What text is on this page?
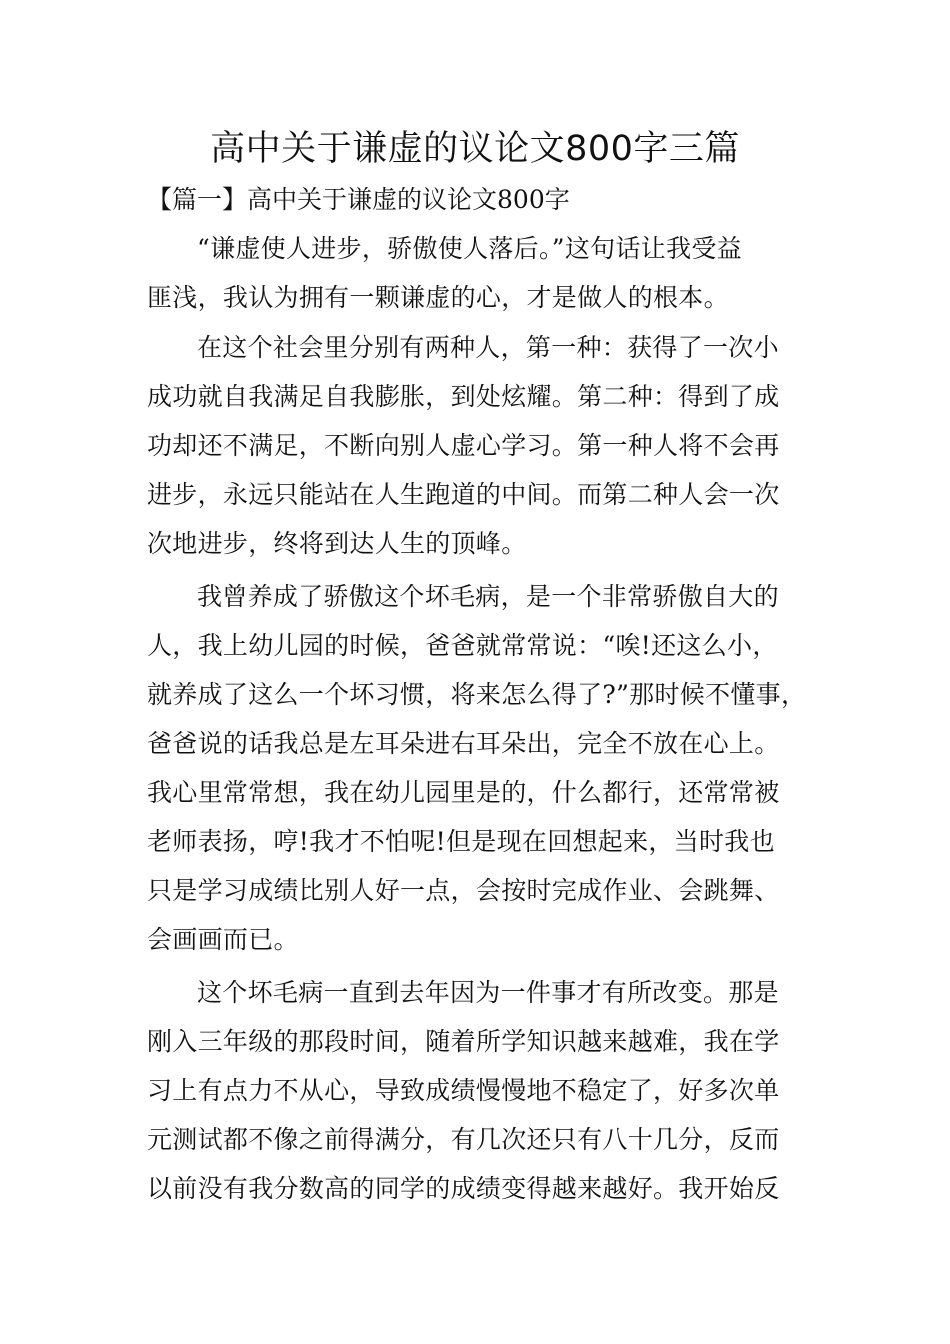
高中关于谦虚的议论文800字三篇
【篇一】高中关于谦虚的议论文800字
“谦虚使人进步，骄傲使人落后。”这句话让我受益
匪浅，我认为拥有一颗谦虚的心，才是做人的根本。
在这个社会里分别有两种人，第一种：获得了一次小
成功就自我满足自我膨胀，到处炫耀。第二种：得到了成
功却还不满足，不断向别人虚心学习。第一种人将不会再
进步，永远只能站在人生跑道的中间。而第二种人会一次
次地进步，终将到达人生的顶峰。
我曾养成了骄傲这个坏毛病，是一个非常骄傲自大的
人，我上幼儿园的时候，爸爸就常常说：“唉!还这么小，
就养成了这么一个坏习惯，将来怎么得了?”那时候不懂事，
爸爸说的话我总是左耳朵进右耳朵出，完全不放在心上。
我心里常常想，我在幼儿园里是的，什么都行，还常常被
老师表扬，哼!我才不怕呢!但是现在回想起来，当时我也
只是学习成绩比别人好一点，会按时完成作业、会跳舞、
会画画而已。
这个坏毛病一直到去年因为一件事才有所改变。那是
刚入三年级的那段时间，随着所学知识越来越难，我在学
习上有点力不从心，导致成绩慢慢地不稳定了，好多次单
元测试都不像之前得满分，有几次还只有八十几分，反而
以前没有我分数高的同学的成绩变得越来越好。我开始反
